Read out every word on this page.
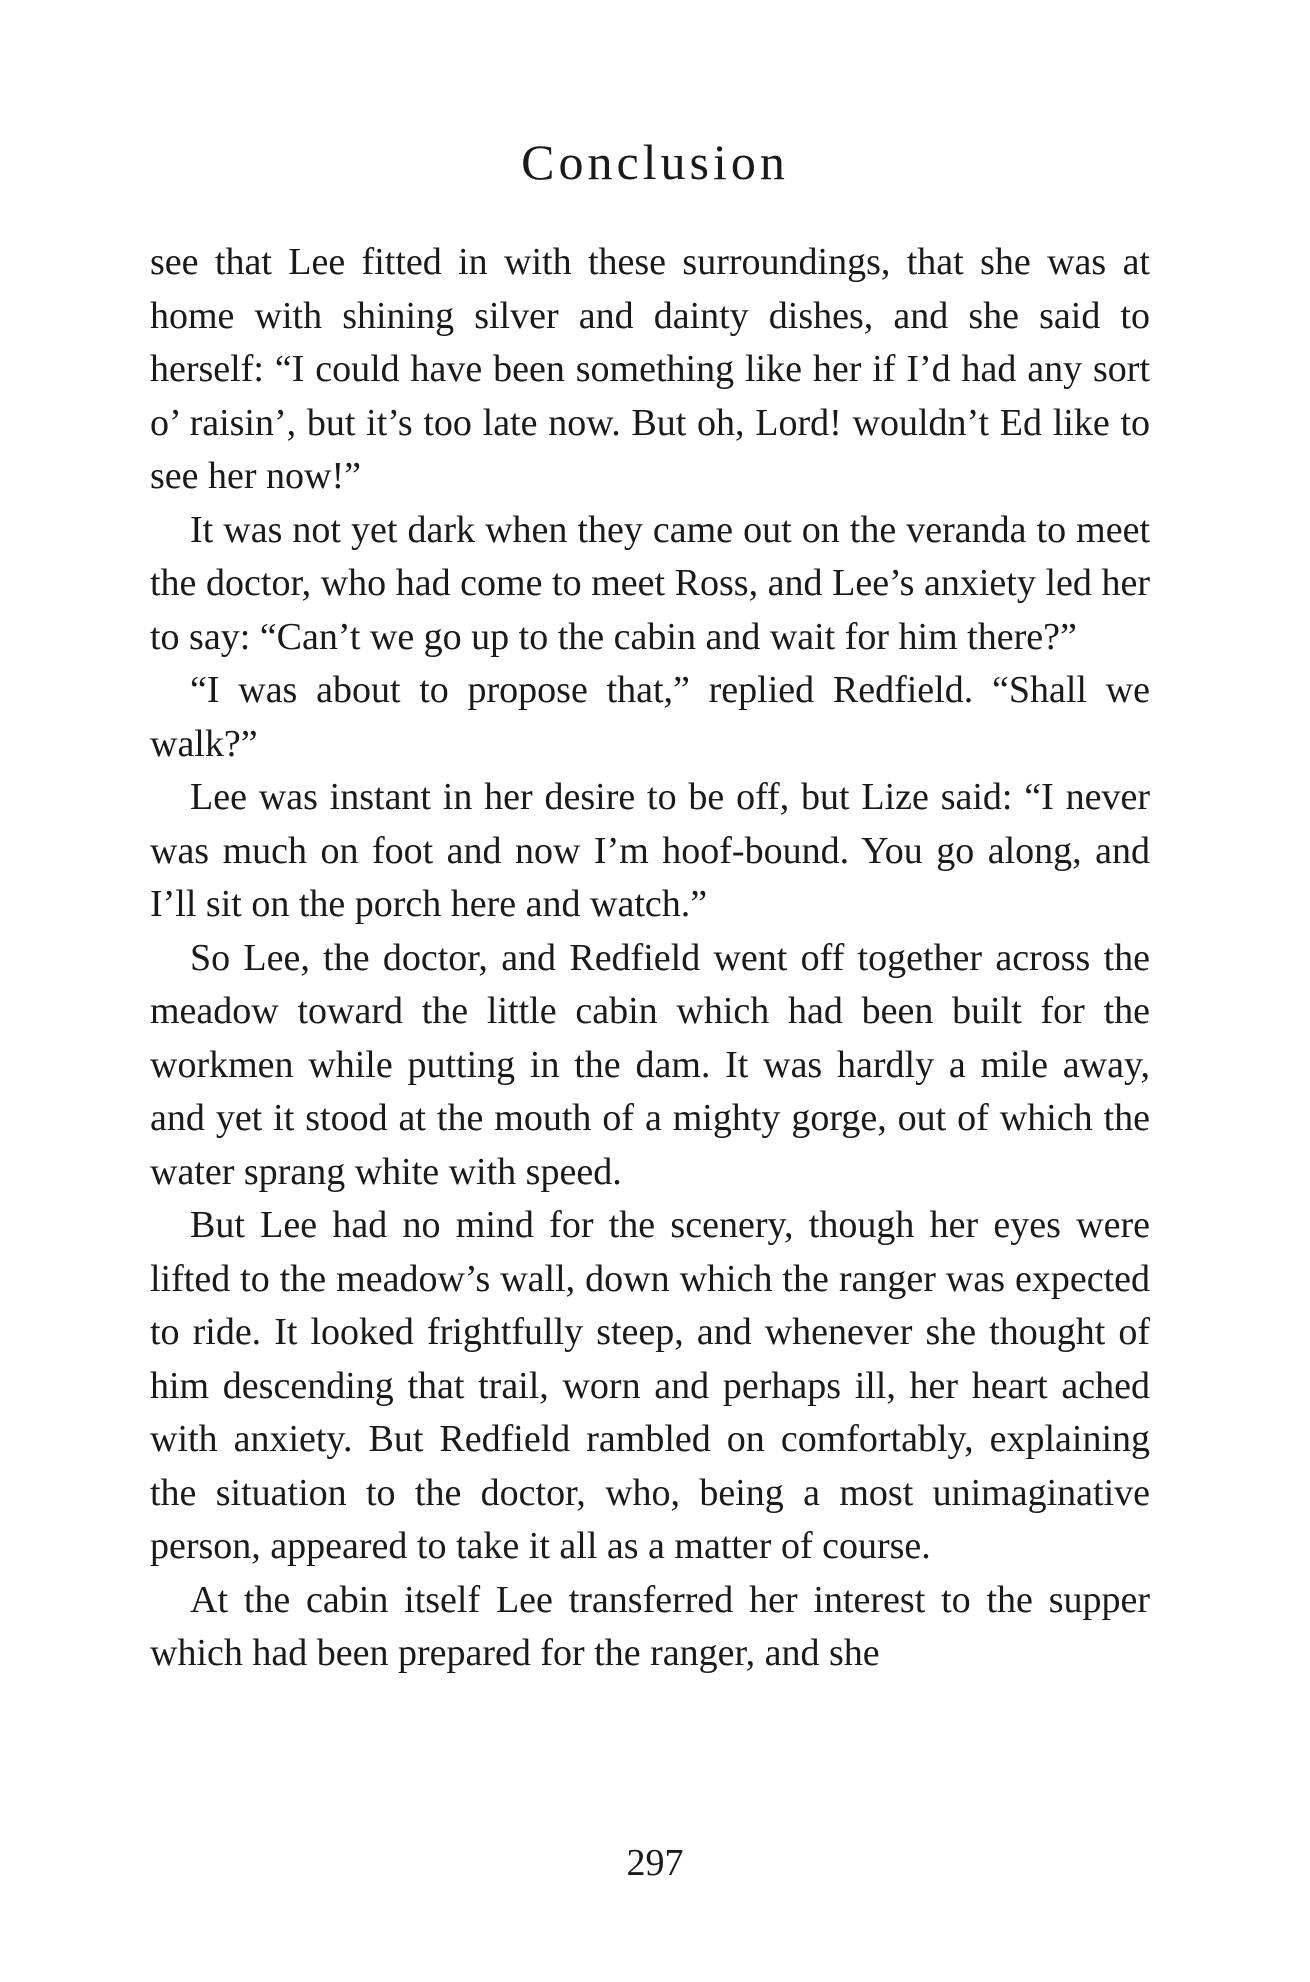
Conclusion

see that Lee fitted in with these surroundings, that she was at home with shining silver and dainty dishes, and she said to herself: “I could have been something like her if I’d had any sort o’ raisin’, but it’s too late now. But oh, Lord! wouldn’t Ed like to see her now!”

It was not yet dark when they came out on the veranda to meet the doctor, who had come to meet Ross, and Lee’s anxiety led her to say: “Can’t we go up to the cabin and wait for him there?”

“I was about to propose that,” replied Redfield. “Shall we walk?”

Lee was instant in her desire to be off, but Lize said: “I never was much on foot and now I’m hoof-bound. You go along, and I’ll sit on the porch here and watch.”

So Lee, the doctor, and Redfield went off together across the meadow toward the little cabin which had been built for the workmen while putting in the dam. It was hardly a mile away, and yet it stood at the mouth of a mighty gorge, out of which the water sprang white with speed.

But Lee had no mind for the scenery, though her eyes were lifted to the meadow’s wall, down which the ranger was expected to ride. It looked frightfully steep, and whenever she thought of him descending that trail, worn and perhaps ill, her heart ached with anxiety. But Redfield rambled on comfortably, explaining the situation to the doctor, who, being a most unimaginative person, appeared to take it all as a matter of course.

At the cabin itself Lee transferred her interest to the supper which had been prepared for the ranger, and she

297
